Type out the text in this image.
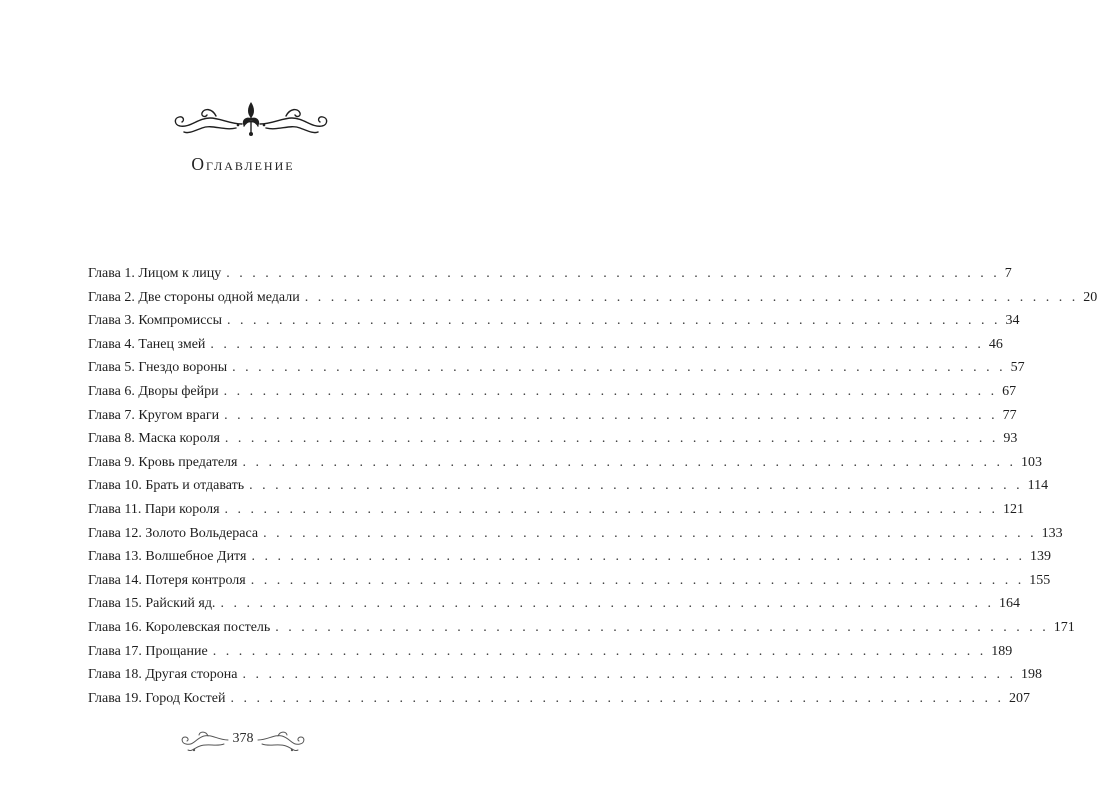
Оглавление
Глава 1. Лицом к лицу . . . . . . . . . . . . . . . . . . . . . . . . . . . . . . . . . . . . . . . . . . . . . . . . . . . . . . . . . . . . 7
Глава 2. Две стороны одной медали . . . . . . . . . . . . . . . . . . . . . . . . . . . . . . . . . . . . . . . . . . . . . . . . . . . . . . . . . . . . 20
Глава 3. Компромиссы . . . . . . . . . . . . . . . . . . . . . . . . . . . . . . . . . . . . . . . . . . . . . . . . . . . . . . . . . . . . 34
Глава 4. Танец змей . . . . . . . . . . . . . . . . . . . . . . . . . . . . . . . . . . . . . . . . . . . . . . . . . . . . . . . . . . . . 46
Глава 5. Гнездо вороны . . . . . . . . . . . . . . . . . . . . . . . . . . . . . . . . . . . . . . . . . . . . . . . . . . . . . . . . . . . . 57
Глава 6. Дворы фейри . . . . . . . . . . . . . . . . . . . . . . . . . . . . . . . . . . . . . . . . . . . . . . . . . . . . . . . . . . . . 67
Глава 7. Кругом враги . . . . . . . . . . . . . . . . . . . . . . . . . . . . . . . . . . . . . . . . . . . . . . . . . . . . . . . . . . . . 77
Глава 8. Маска короля . . . . . . . . . . . . . . . . . . . . . . . . . . . . . . . . . . . . . . . . . . . . . . . . . . . . . . . . . . . . 93
Глава 9. Кровь предателя . . . . . . . . . . . . . . . . . . . . . . . . . . . . . . . . . . . . . . . . . . . . . . . . . . . . . . . . . . . . 103
Глава 10. Брать и отдавать . . . . . . . . . . . . . . . . . . . . . . . . . . . . . . . . . . . . . . . . . . . . . . . . . . . . . . . . . . . . 114
Глава 11. Пари короля . . . . . . . . . . . . . . . . . . . . . . . . . . . . . . . . . . . . . . . . . . . . . . . . . . . . . . . . . . . . 121
Глава 12. Золото Вольдераса . . . . . . . . . . . . . . . . . . . . . . . . . . . . . . . . . . . . . . . . . . . . . . . . . . . . . . . . . . . . 133
Глава 13. Волшебное Дитя . . . . . . . . . . . . . . . . . . . . . . . . . . . . . . . . . . . . . . . . . . . . . . . . . . . . . . . . . . . . 139
Глава 14. Потеря контроля . . . . . . . . . . . . . . . . . . . . . . . . . . . . . . . . . . . . . . . . . . . . . . . . . . . . . . . . . . . . 155
Глава 15. Райский яд. . . . . . . . . . . . . . . . . . . . . . . . . . . . . . . . . . . . . . . . . . . . . . . . . . . . . . . . . . . . . 164
Глава 16. Королевская постель . . . . . . . . . . . . . . . . . . . . . . . . . . . . . . . . . . . . . . . . . . . . . . . . . . . . . . . . . . . . 171
Глава 17. Прощание . . . . . . . . . . . . . . . . . . . . . . . . . . . . . . . . . . . . . . . . . . . . . . . . . . . . . . . . . . . . 189
Глава 18. Другая сторона . . . . . . . . . . . . . . . . . . . . . . . . . . . . . . . . . . . . . . . . . . . . . . . . . . . . . . . . . . . . 198
Глава 19. Город Костей . . . . . . . . . . . . . . . . . . . . . . . . . . . . . . . . . . . . . . . . . . . . . . . . . . . . . . . . . . . . 207
378
